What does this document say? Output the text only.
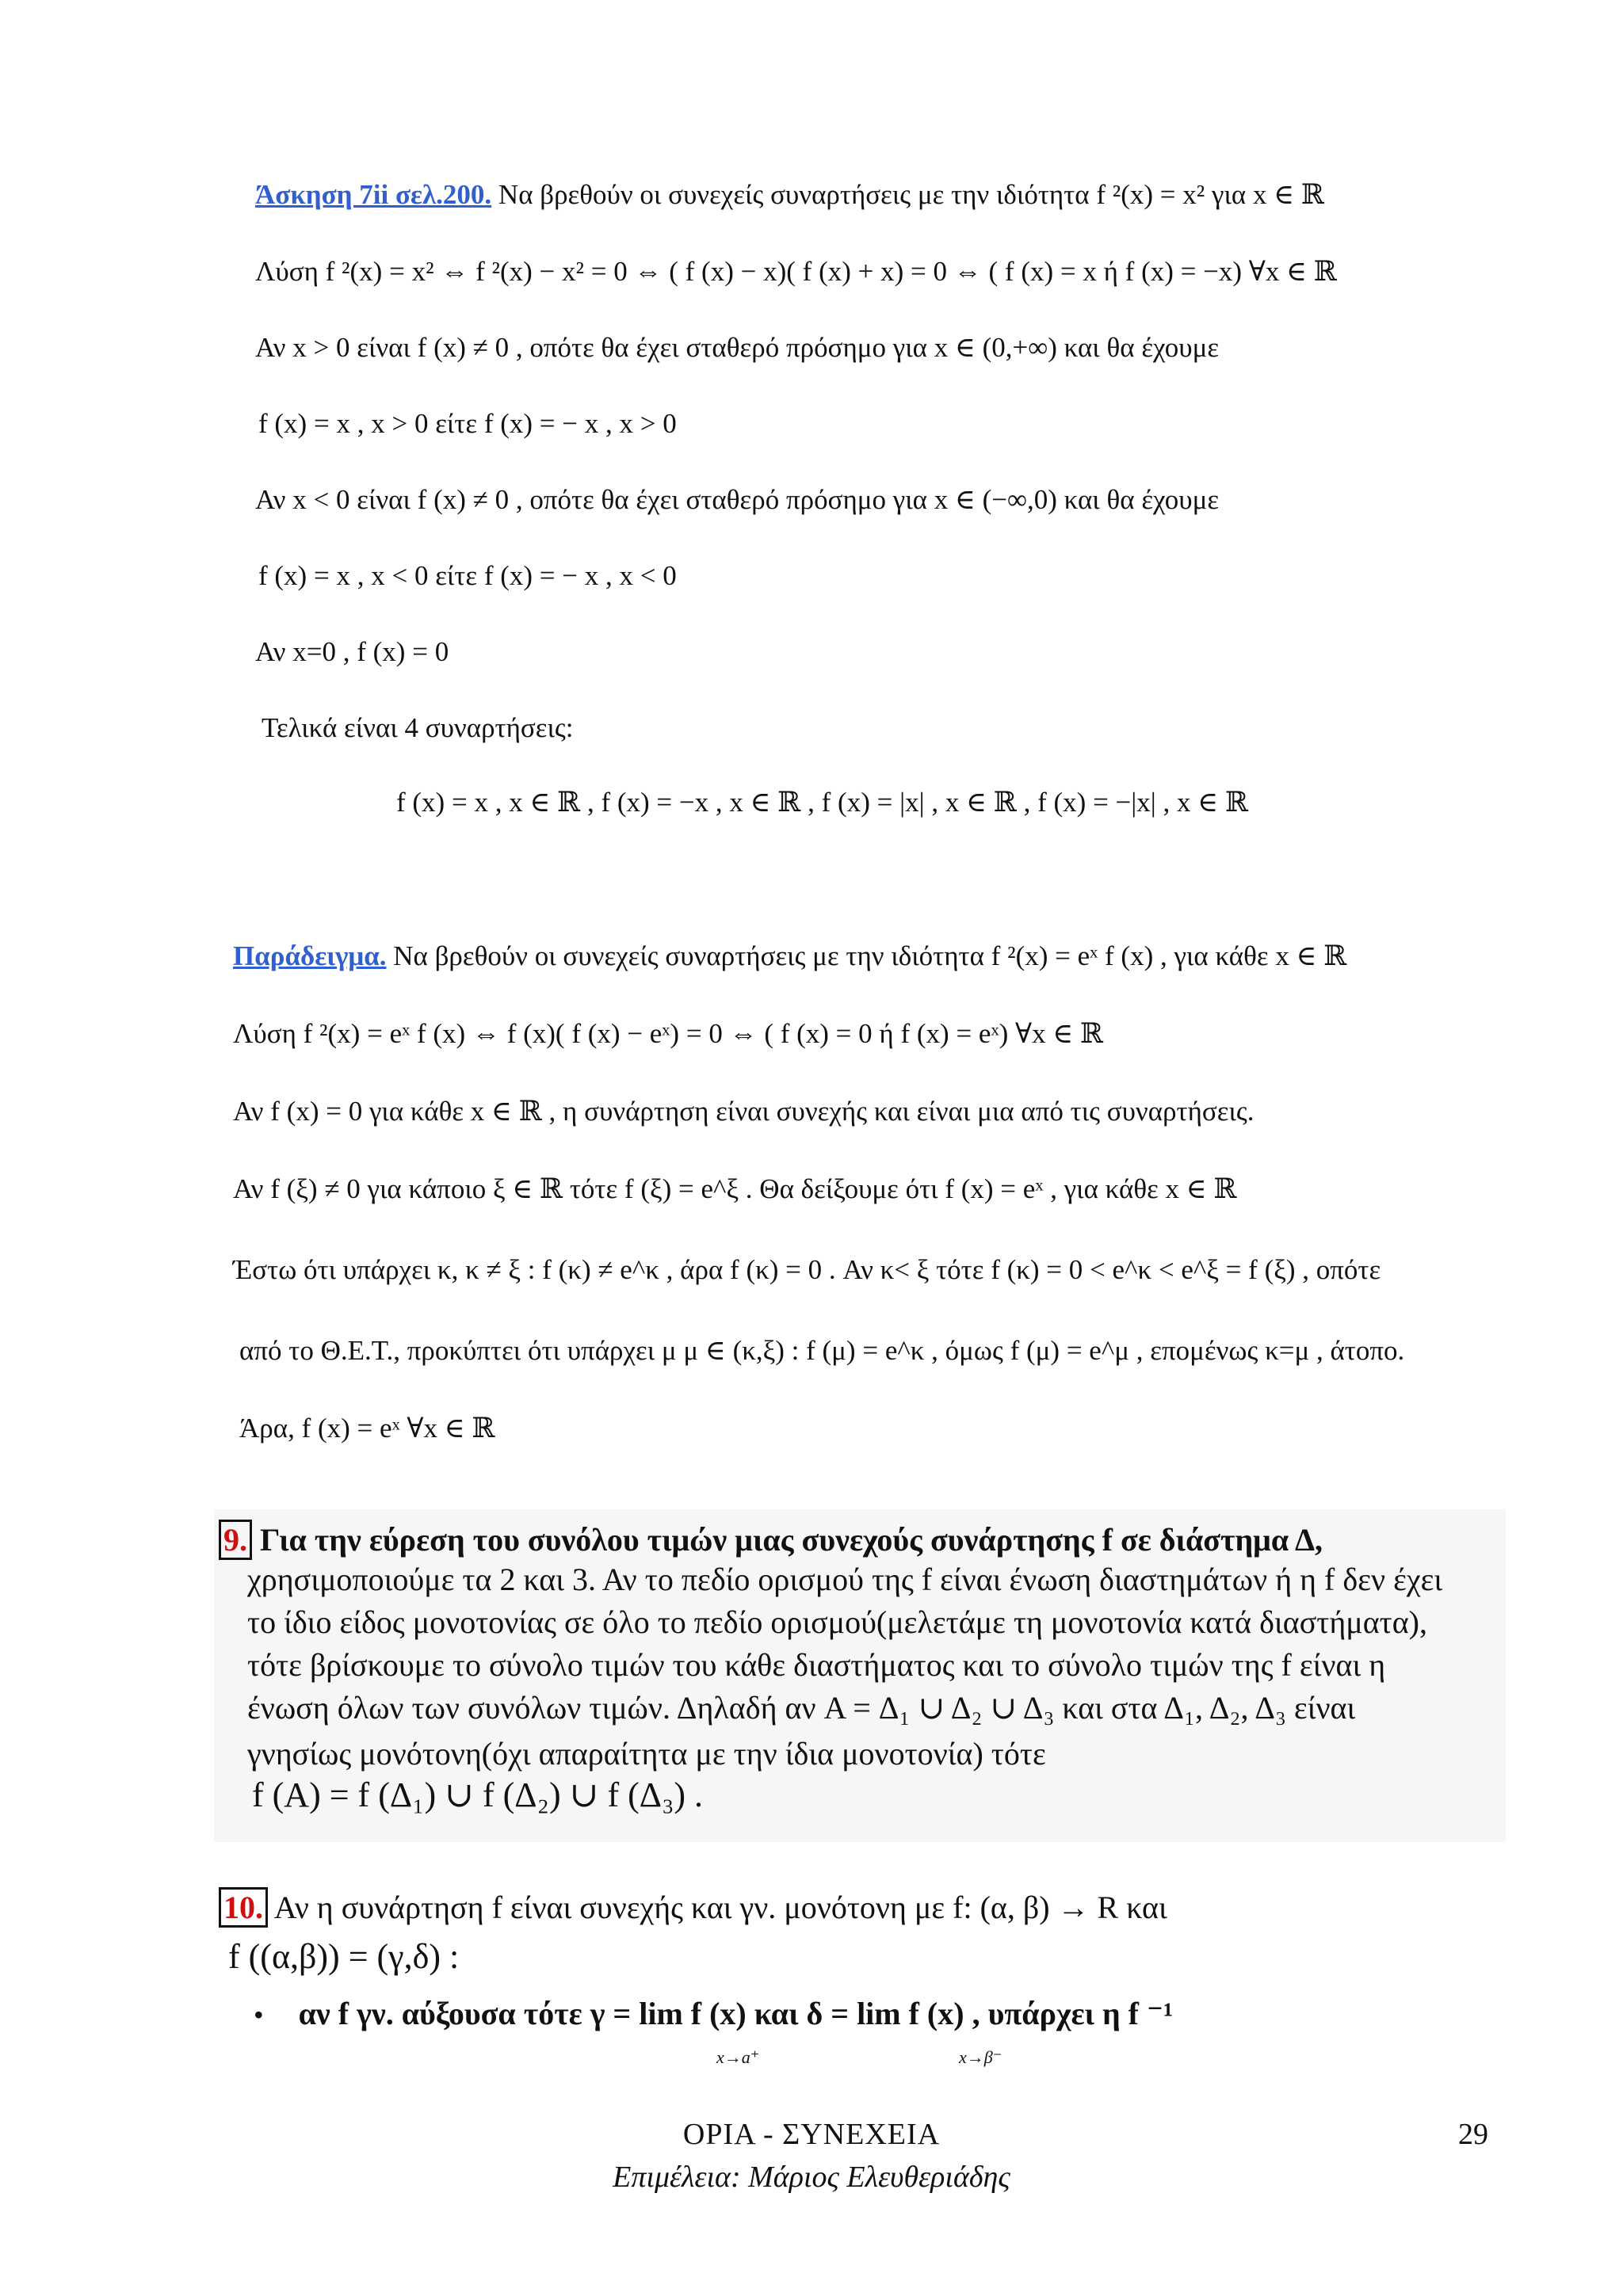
Άσκηση 7ii σελ.200. Να βρεθούν οι συνεχείς συναρτήσεις με την ιδιότητα f ²(x) = x² για x ∈ ℝ
Λύση f ²(x) = x² ⇔ f ²(x) − x² = 0 ⇔ ( f (x) − x)( f (x) + x) = 0 ⇔ ( f (x) = x ή f (x) = −x) ∀x ∈ ℝ
Αν x > 0 είναι f (x) ≠ 0 , οπότε θα έχει σταθερό πρόσημο για x ∈ (0,+∞) και θα έχουμε
f (x) = x , x > 0 είτε f (x) = − x , x > 0
Αν x < 0 είναι f (x) ≠ 0 , οπότε θα έχει σταθερό πρόσημο για x ∈ (−∞,0) και θα έχουμε
f (x) = x , x < 0 είτε f (x) = − x , x < 0
Αν x=0 , f (x) = 0
Τελικά είναι 4 συναρτήσεις:
f (x) = x , x ∈ ℝ , f (x) = −x , x ∈ ℝ , f (x) = |x| , x ∈ ℝ , f (x) = −|x| , x ∈ ℝ
Παράδειγμα. Να βρεθούν οι συνεχείς συναρτήσεις με την ιδιότητα f ²(x) = eˣ f (x) , για κάθε x ∈ ℝ
Λύση f ²(x) = eˣ f (x) ⇔ f (x)( f (x) − eˣ) = 0 ⇔ ( f (x) = 0 ή f (x) = eˣ) ∀x ∈ ℝ
Αν f (x) = 0 για κάθε x ∈ ℝ , η συνάρτηση είναι συνεχής και είναι μια από τις συναρτήσεις.
Αν f (ξ) ≠ 0 για κάποιο ξ ∈ ℝ τότε f (ξ) = e^ξ . Θα δείξουμε ότι f (x) = eˣ , για κάθε x ∈ ℝ
Έστω ότι υπάρχει κ, κ ≠ ξ : f (κ) ≠ e^κ , άρα f (κ) = 0 . Αν κ< ξ τότε f (κ) = 0 < e^κ < e^ξ = f (ξ) , οπότε
από το Θ.Ε.Τ., προκύπτει ότι υπάρχει μ μ ∈ (κ,ξ) : f (μ) = e^κ , όμως f (μ) = e^μ , επομένως κ=μ , άτοπο.
Άρα, f (x) = eˣ ∀x ∈ ℝ
9. Για την εύρεση του συνόλου τιμών μιας συνεχούς συνάρτησης f σε διάστημα Δ,
χρησιμοποιούμε τα 2 και 3. Αν το πεδίο ορισμού της f είναι ένωση διαστημάτων ή η f δεν έχει
το ίδιο είδος μονοτονίας σε όλο το πεδίο ορισμού(μελετάμε τη μονοτονία κατά διαστήματα),
τότε βρίσκουμε το σύνολο τιμών του κάθε διαστήματος και το σύνολο τιμών της f είναι η
ένωση όλων των συνόλων τιμών. Δηλαδή αν A = Δ₁ ∪ Δ₂ ∪ Δ₃ και στα Δ₁, Δ₂, Δ₃ είναι
γνησίως μονότονη(όχι απαραίτητα με την ίδια μονοτονία) τότε
f (A) = f (Δ₁) ∪ f (Δ₂) ∪ f (Δ₃) .
10. Αν η συνάρτηση f είναι συνεχής και γν. μονότονη με f: (α, β) → R και
f ((α,β)) = (γ,δ) :
• αν f γν. αύξουσα τότε γ = lim f (x) και δ = lim f (x) , υπάρχει η f ⁻¹
x→a⁺	x→β⁻
ΟΡΙΑ - ΣΥΝΕΧΕΙΑ
Επιμέλεια: Μάριος Ελευθεριάδης
29
